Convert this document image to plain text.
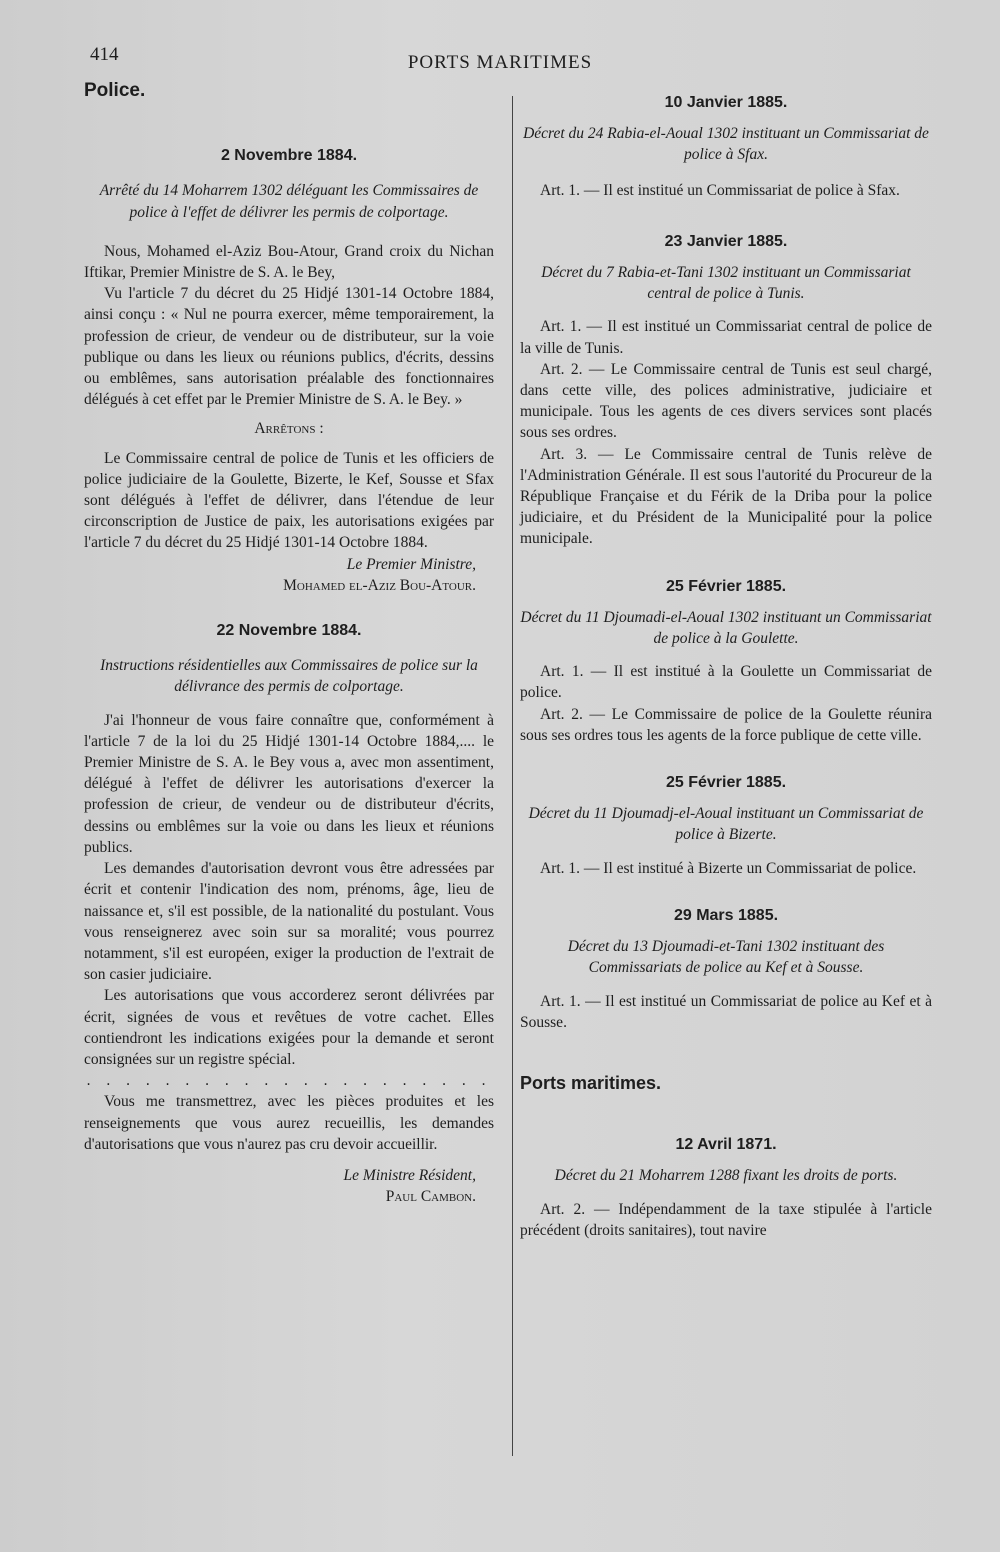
414	PORTS MARITIMES
Police.

2 Novembre 1884.

Arrêté du 14 Moharrem 1302 déléguant les Commissaires de police à l'effet de délivrer les permis de colportage.

Nous, Mohamed el-Aziz Bou-Atour, Grand croix du Nichan Iftikar, Premier Ministre de S. A. le Bey,

Vu l'article 7 du décret du 25 Hidjé 1301-14 Octobre 1884, ainsi conçu : « Nul ne pourra exercer, même temporairement, la profession de crieur, de vendeur ou de distributeur, sur la voie publique ou dans les lieux ou réunions publics, d'écrits, dessins ou emblêmes, sans autorisation préalable des fonctionnaires délégués à cet effet par le Premier Ministre de S. A. le Bey. »

Arrêtons :

Le Commissaire central de police de Tunis et les officiers de police judiciaire de la Goulette, Bizerte, le Kef, Sousse et Sfax sont délégués à l'effet de délivrer, dans l'étendue de leur circonscription de Justice de paix, les autorisations exigées par l'article 7 du décret du 25 Hidjé 1301-14 Octobre 1884.

Le Premier Ministre,

Mohamed el-Aziz Bou-Atour.

22 Novembre 1884.

Instructions résidentielles aux Commissaires de police sur la délivrance des permis de colportage.

J'ai l'honneur de vous faire connaître que, conformément à l'article 7 de la loi du 25 Hidjé 1301-14 Octobre 1884,.... le Premier Ministre de S. A. le Bey vous a, avec mon assentiment, délégué à l'effet de délivrer les autorisations d'exercer la profession de crieur, de vendeur ou de distributeur d'écrits, dessins ou emblêmes sur la voie ou dans les lieux et réunions publics.

Les demandes d'autorisation devront vous être adressées par écrit et contenir l'indication des nom, prénoms, âge, lieu de naissance et, s'il est possible, de la nationalité du postulant. Vous vous renseignerez avec soin sur sa moralité; vous pourrez notamment, s'il est européen, exiger la production de l'extrait de son casier judiciaire.

Les autorisations que vous accorderez seront délivrées par écrit, signées de vous et revêtues de votre cachet. Elles contiendront les indications exigées pour la demande et seront consignées sur un registre spécial.

. . . . . . . . . . . . . . . . . . . . .

Vous me transmettrez, avec les pièces produites et les renseignements que vous aurez recueillis, les demandes d'autorisations que vous n'aurez pas cru devoir accueillir.

Le Ministre Résident,

Paul Cambon.

10 Janvier 1885.

Décret du 24 Rabia-el-Aoual 1302 instituant un Commissariat de police à Sfax.

Art. 1. — Il est institué un Commissariat de police à Sfax.

23 Janvier 1885.

Décret du 7 Rabia-et-Tani 1302 instituant un Commissariat central de police à Tunis.

Art. 1. — Il est institué un Commissariat central de police de la ville de Tunis.

Art. 2. — Le Commissaire central de Tunis est seul chargé, dans cette ville, des polices administrative, judiciaire et municipale. Tous les agents de ces divers services sont placés sous ses ordres.

Art. 3. — Le Commissaire central de Tunis relève de l'Administration Générale. Il est sous l'autorité du Procureur de la République Française et du Férik de la Driba pour la police judiciaire, et du Président de la Municipalité pour la police municipale.

25 Février 1885.

Décret du 11 Djoumadi-el-Aoual 1302 instituant un Commissariat de police à la Goulette.

Art. 1. — Il est institué à la Goulette un Commissariat de police.

Art. 2. — Le Commissaire de police de la Goulette réunira sous ses ordres tous les agents de la force publique de cette ville.

25 Février 1885.

Décret du 11 Djoumadj-el-Aoual instituant un Commissariat de police à Bizerte.

Art. 1. — Il est institué à Bizerte un Commissariat de police.

29 Mars 1885.

Décret du 13 Djoumadi-et-Tani 1302 instituant des Commissariats de police au Kef et à Sousse.

Art. 1. — Il est institué un Commissariat de police au Kef et à Sousse.

Ports maritimes.

12 Avril 1871.

Décret du 21 Moharrem 1288 fixant les droits de ports.

Art. 2. — Indépendamment de la taxe stipulée à l'article précédent (droits sanitaires), tout navire
